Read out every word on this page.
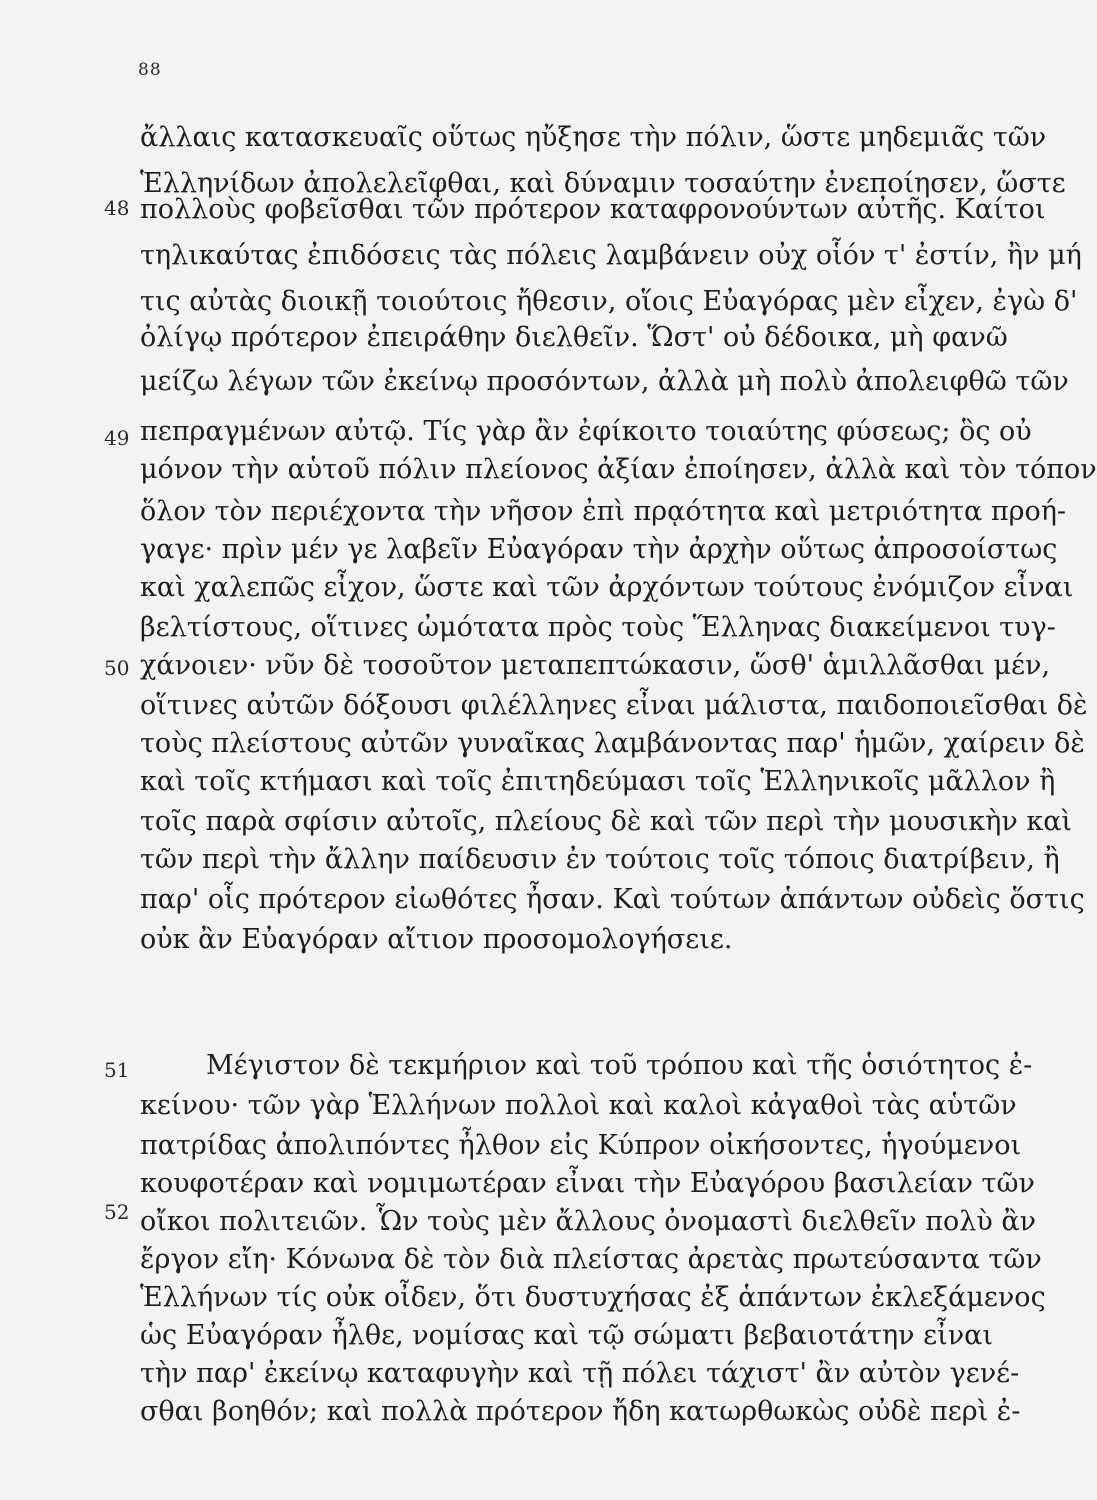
88
48
49
50
51
52
ἄλλαις κατασκευαῖς οὕτως ηὔξησε τὴν πόλιν, ὥστε μηδεμιᾶς τῶν
Ἑλληνίδων ἀπολελεῖφθαι, καὶ δύναμιν τοσαύτην ἐνεποίησεν, ὥστε
πολλοὺς φοβεῖσθαι τῶν πρότερον καταφρονούντων αὐτῆς. Καίτοι
τηλικαύτας ἐπιδόσεις τὰς πόλεις λαμβάνειν οὐχ οἷόν τ' ἐστίν, ἢν μή
τις αὐτὰς διοικῇ τοιούτοις ἤθεσιν, οἵοις Εὐαγόρας μὲν εἶχεν, ἐγὼ δ'
ὀλίγῳ πρότερον ἐπειράθην διελθεῖν. Ὥστ' οὐ δέδοικα, μὴ φανῶ
μείζω λέγων τῶν ἐκείνῳ προσόντων, ἀλλὰ μὴ πολὺ ἀπολειφθῶ τῶν
πεπραγμένων αὐτῷ. Τίς γὰρ ἂν ἐφίκοιτο τοιαύτης φύσεως; ὃς οὐ
μόνον τὴν αὑτοῦ πόλιν πλείονος ἀξίαν ἐποίησεν, ἀλλὰ καὶ τὸν τόπον
ὅλον τὸν περιέχοντα τὴν νῆσον ἐπὶ πρᾳότητα καὶ μετριότητα προή-
γαγε· πρὶν μέν γε λαβεῖν Εὐαγόραν τὴν ἀρχὴν οὕτως ἀπροσοίστως
καὶ χαλεπῶς εἶχον, ὥστε καὶ τῶν ἀρχόντων τούτους ἐνόμιζον εἶναι
βελτίστους, οἵτινες ὠμότατα πρὸς τοὺς Ἕλληνας διακείμενοι τυγ-
χάνοιεν· νῦν δὲ τοσοῦτον μεταπεπτώκασιν, ὥσθ' ἁμιλλᾶσθαι μέν,
οἵτινες αὐτῶν δόξουσι φιλέλληνες εἶναι μάλιστα, παιδοποιεῖσθαι δὲ
τοὺς πλείστους αὐτῶν γυναῖκας λαμβάνοντας παρ' ἡμῶν, χαίρειν δὲ
καὶ τοῖς κτήμασι καὶ τοῖς ἐπιτηδεύμασι τοῖς Ἑλληνικοῖς μᾶλλον ἢ
τοῖς παρὰ σφίσιν αὐτοῖς, πλείους δὲ καὶ τῶν περὶ τὴν μουσικὴν καὶ
τῶν περὶ τὴν ἄλλην παίδευσιν ἐν τούτοις τοῖς τόποις διατρίβειν, ἢ
παρ' οἷς πρότερον εἰωθότες ἦσαν. Καὶ τούτων ἁπάντων οὐδεὶς ὅστις
οὐκ ἂν Εὐαγόραν αἴτιον προσομολογήσειε.
Μέγιστον δὲ τεκμήριον καὶ τοῦ τρόπου καὶ τῆς ὁσιότητος ἐ-
κείνου· τῶν γὰρ Ἑλλήνων πολλοὶ καὶ καλοὶ κἀγαθοὶ τὰς αὑτῶν
πατρίδας ἀπολιπόντες ἦλθον εἰς Κύπρον οἰκήσοντες, ἡγούμενοι
κουφοτέραν καὶ νομιμωτέραν εἶναι τὴν Εὐαγόρου βασιλείαν τῶν
οἴκοι πολιτειῶν. Ὧν τοὺς μὲν ἄλλους ὀνομαστὶ διελθεῖν πολὺ ἂν
ἔργον εἴη· Κόνωνα δὲ τὸν διὰ πλείστας ἀρετὰς πρωτεύσαντα τῶν
Ἑλλήνων τίς οὐκ οἶδεν, ὅτι δυστυχήσας ἐξ ἁπάντων ἐκλεξάμενος
ὡς Εὐαγόραν ἦλθε, νομίσας καὶ τῷ σώματι βεβαιοτάτην εἶναι
τὴν παρ' ἐκείνῳ καταφυγὴν καὶ τῇ πόλει τάχιστ' ἂν αὐτὸν γενέ-
σθαι βοηθόν; καὶ πολλὰ πρότερον ἤδη κατωρθωκὼς οὐδὲ περὶ ἐ-
